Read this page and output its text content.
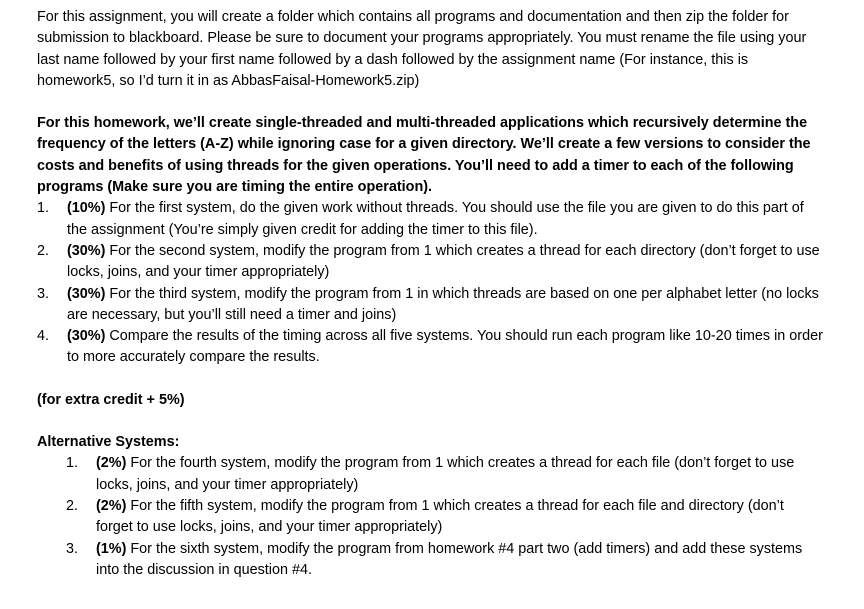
For this assignment, you will create a folder which contains all programs and documentation and then zip the folder for submission to blackboard. Please be sure to document your programs appropriately. You must rename the file using your last name followed by your first name followed by a dash followed by the assignment name (For instance, this is homework5, so I’d turn it in as AbbasFaisal-Homework5.zip)

For this homework, we’ll create single-threaded and multi-threaded applications which recursively determine the frequency of the letters (A-Z) while ignoring case for a given directory. We’ll create a few versions to consider the costs and benefits of using threads for the given operations. You’ll need to add a timer to each of the following programs (Make sure you are timing the entire operation).

1.	(10%) For the first system, do the given work without threads. You should use the file you are given to do this part of the assignment (You’re simply given credit for adding the timer to this file).
2.	(30%) For the second system, modify the program from 1 which creates a thread for each directory (don’t forget to use locks, joins, and your timer appropriately)
3.	(30%) For the third system, modify the program from 1 in which threads are based on one per alphabet letter (no locks are necessary, but you’ll still need a timer and joins)
4.	(30%) Compare the results of the timing across all five systems. You should run each program like 10-20 times in order to more accurately compare the results.

(for extra credit + 5%)

Alternative Systems:

1.	(2%) For the fourth system, modify the program from 1 which creates a thread for each file (don’t forget to use locks, joins, and your timer appropriately)
2.	(2%) For the fifth system, modify the program from 1 which creates a thread for each file and directory (don’t forget to use locks, joins, and your timer appropriately)
3.	(1%) For the sixth system, modify the program from homework #4 part two (add timers) and add these systems into the discussion in question #4.
